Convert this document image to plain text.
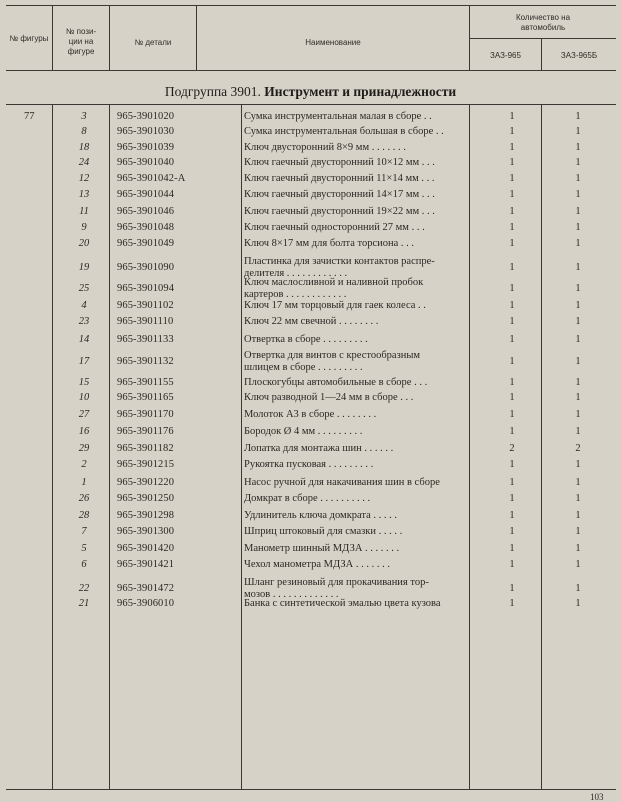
№ фигуры
№ пози-
ции на
фигуре
№ детали	Наименование
Количество на
автомобиль
ЗАЗ-965	ЗАЗ-965Б
Подгруппа 3901. Инструмент и принадлежности
77	3	965-3901020	Сумка инструментальная малая в сборе . .	1	1
8	965-3901030	Сумка инструментальная большая в сборе . .	1	1
18	965-3901039	Ключ двусторонний 8×9 мм . . . . . . .	1	1
24	965-3901040	Ключ гаечный двусторонний 10×12 мм . . .	1	1
12	965-3901042-А	Ключ гаечный двусторонний 11×14 мм . . .	1	1
13	965-3901044	Ключ гаечный двусторонний 14×17 мм . . .	1	1
11	965-3901046	Ключ гаечный двусторонний 19×22 мм . . .	1	1
9	965-3901048	Ключ гаечный односторонний 27 мм . . .	1	1
20	965-3901049	Ключ 8×17 мм для болта торсиона . . .	1	1
19	965-3901090
Пластинка для зачистки контактов распре-
делителя . . . . . . . . . . . .	1	1
25	965-3901094
Ключ маслосливной и наливной пробок
картеров . . . . . . . . . . . .	1	1
4	965-3901102	Ключ 17 мм торцовый для гаек колеса . .	1	1
23	965-3901110	Ключ 22 мм свечной . . . . . . . .	1	1
14	965-3901133	Отвертка в сборе . . . . . . . . .	1	1
17	965-3901132
Отвертка для винтов с крестообразным
шлицем в сборе . . . . . . . . .	1	1
15	965-3901155	Плоскогубцы автомобильные в сборе . . .	1	1
10	965-3901165	Ключ разводной 1—24 мм в сборе . . .	1	1
27	965-3901170	Молоток А3 в сборе . . . . . . . .	1	1
16	965-3901176	Бородок Ø 4 мм . . . . . . . . .	1	1
29	965-3901182	Лопатка для монтажа шин . . . . . .	2	2
2	965-3901215	Рукоятка пусковая . . . . . . . . .	1	1
1	965-3901220	Насос ручной для накачивания шин в сборе	1	1
26	965-3901250	Домкрат в сборе . . . . . . . . . .	1	1
28	965-3901298	Удлинитель ключа домкрата . . . . .	1	1
7	965-3901300	Шприц штоковый для смазки . . . . .	1	1
5	965-3901420	Манометр шинный МДЗА . . . . . . .	1	1
6	965-3901421	Чехол манометра МДЗА . . . . . . .	1	1
22	965-3901472
Шланг резиновый для прокачивания тор-
мозов . . . . . . . . . . . . .	1	1
21	965-3906010	Банка с синтетической эмалью цвета кузова	1	1
103
